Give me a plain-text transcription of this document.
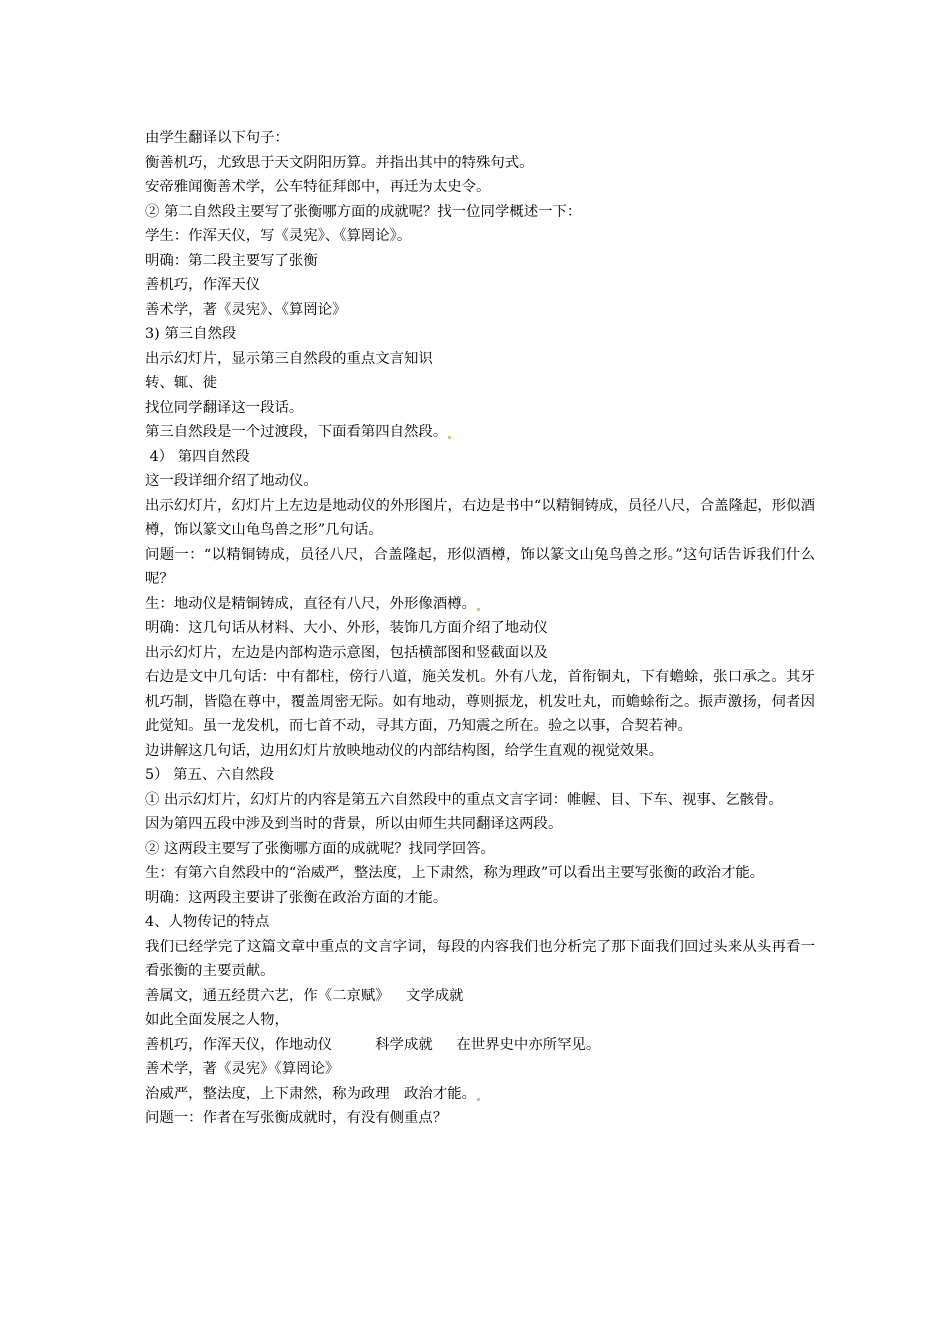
由学生翻译以下句子：

衡善机巧，尤致思于天文阴阳历算。并指出其中的特殊句式。

安帝雅闻衡善术学，公车特征拜郎中，再迁为太史令。

② 第二自然段主要写了张衡哪方面的成就呢？找一位同学概述一下：

学生：作浑天仪，写《灵宪》、《算罔论》。

明确：第二段主要写了张衡

善机巧，作浑天仪

善术学，著《灵宪》、《算罔论》

3) 第三自然段

出示幻灯片，显示第三自然段的重点文言知识

转、辄、徙

找位同学翻译这一段话。

第三自然段是一个过渡段，下面看第四自然段。

4） 第四自然段

这一段详细介绍了地动仪。

出示幻灯片，幻灯片上左边是地动仪的外形图片，右边是书中“以精铜铸成，员径八尺，合盖隆起，形似酒樽，饰以篆文山龟鸟兽之形”几句话。

问题一：“以精铜铸成，员径八尺，合盖隆起，形似酒樽，饰以篆文山兔鸟兽之形。”这句话告诉我们什么呢？

生：地动仪是精铜铸成，直径有八尺，外形像酒樽。

明确：这几句话从材料、大小、外形，装饰几方面介绍了地动仪

出示幻灯片，左边是内部构造示意图，包括横部图和竖截面以及

右边是文中几句话：中有都柱，傍行八道，施关发机。外有八龙，首衔铜丸，下有蟾蜍，张口承之。其牙机巧制，皆隐在尊中，覆盖周密无际。如有地动，尊则振龙，机发吐丸，而蟾蜍衔之。振声激扬，伺者因此觉知。虽一龙发机，而七首不动，寻其方面，乃知震之所在。验之以事，合契若神。

边讲解这几句话，边用幻灯片放映地动仪的内部结构图，给学生直观的视觉效果。

5） 第五、六自然段

① 出示幻灯片，幻灯片的内容是第五六自然段中的重点文言字词：帷幄、目、下车、视事、乞骸骨。

因为第四五段中涉及到当时的背景，所以由师生共同翻译这两段。

② 这两段主要写了张衡哪方面的成就呢？找同学回答。

生：有第六自然段中的“治威严，整法度，上下肃然，称为理政”可以看出主要写张衡的政治才能。

明确：这两段主要讲了张衡在政治方面的才能。

4、人物传记的特点

我们已经学完了这篇文章中重点的文言字词，每段的内容我们也分析完了那下面我们回过头来从头再看一看张衡的主要贡献。

善属文，通五经贯六艺，作《二京赋》　  文学成就

如此全面发展之人物，

善机巧，作浑天仪，作地动仪　　　科学成就　  在世界史中亦所罕见。

善术学，著《灵宪》《算罔论》

治威严，整法度，上下肃然，称为政理　政治才能。

问题一：作者在写张衡成就时，有没有侧重点？
